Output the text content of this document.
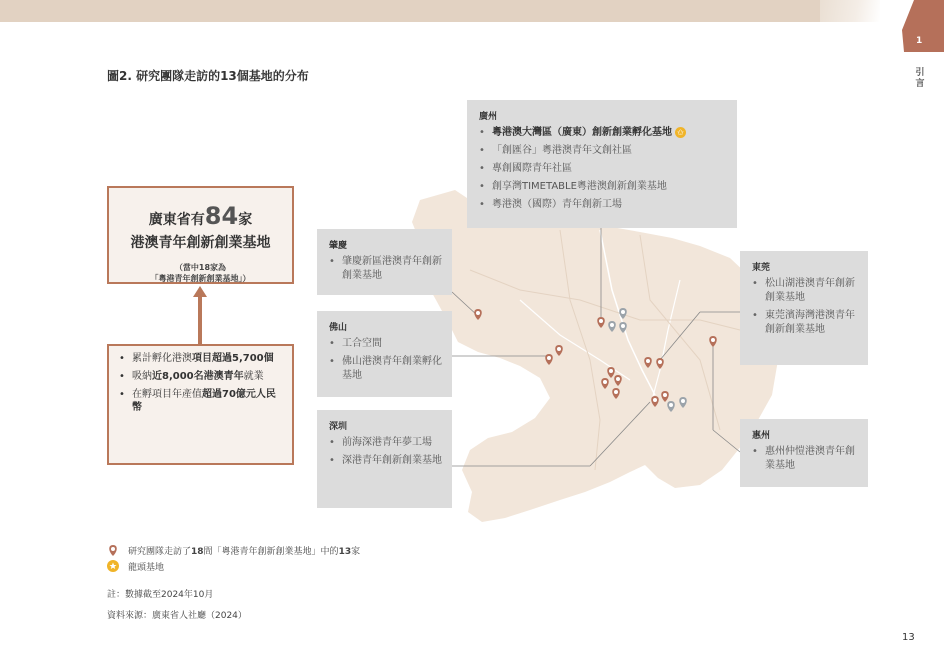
1
引言
圖2. 研究團隊走訪的13個基地的分布
廣州
• 粵港澳大灣區（廣東）創新創業孵化基地 ✩
• 「創匯谷」粵港澳青年文創社區
• 專創國際青年社區
• 創享灣TIMETABLE粵港澳創新創業基地
• 粵港澳（國際）青年創新工場
肇慶
• 肇慶新區港澳青年創新創業基地
佛山
• 工合空間
• 佛山港澳青年創業孵化基地
深圳
• 前海深港青年夢工場
• 深港青年創新創業基地
東莞
• 松山湖港澳青年創新創業基地
• 東莞濱海灣港澳青年創新創業基地
惠州
• 惠州仲愷港澳青年創業基地
廣東省有84家
港澳青年創新創業基地
（當中18家為
「粵港青年創新創業基地」）
• 累計孵化港澳項目超過5,700個
• 吸納近8,000名港澳青年就業
• 在孵項目年產值超過70億元人民幣
研究團隊走訪了18間「粵港青年創新創業基地」中的13家
龍頭基地
註：數據截至2024年10月
資料來源：廣東省人社廳（2024）
13
